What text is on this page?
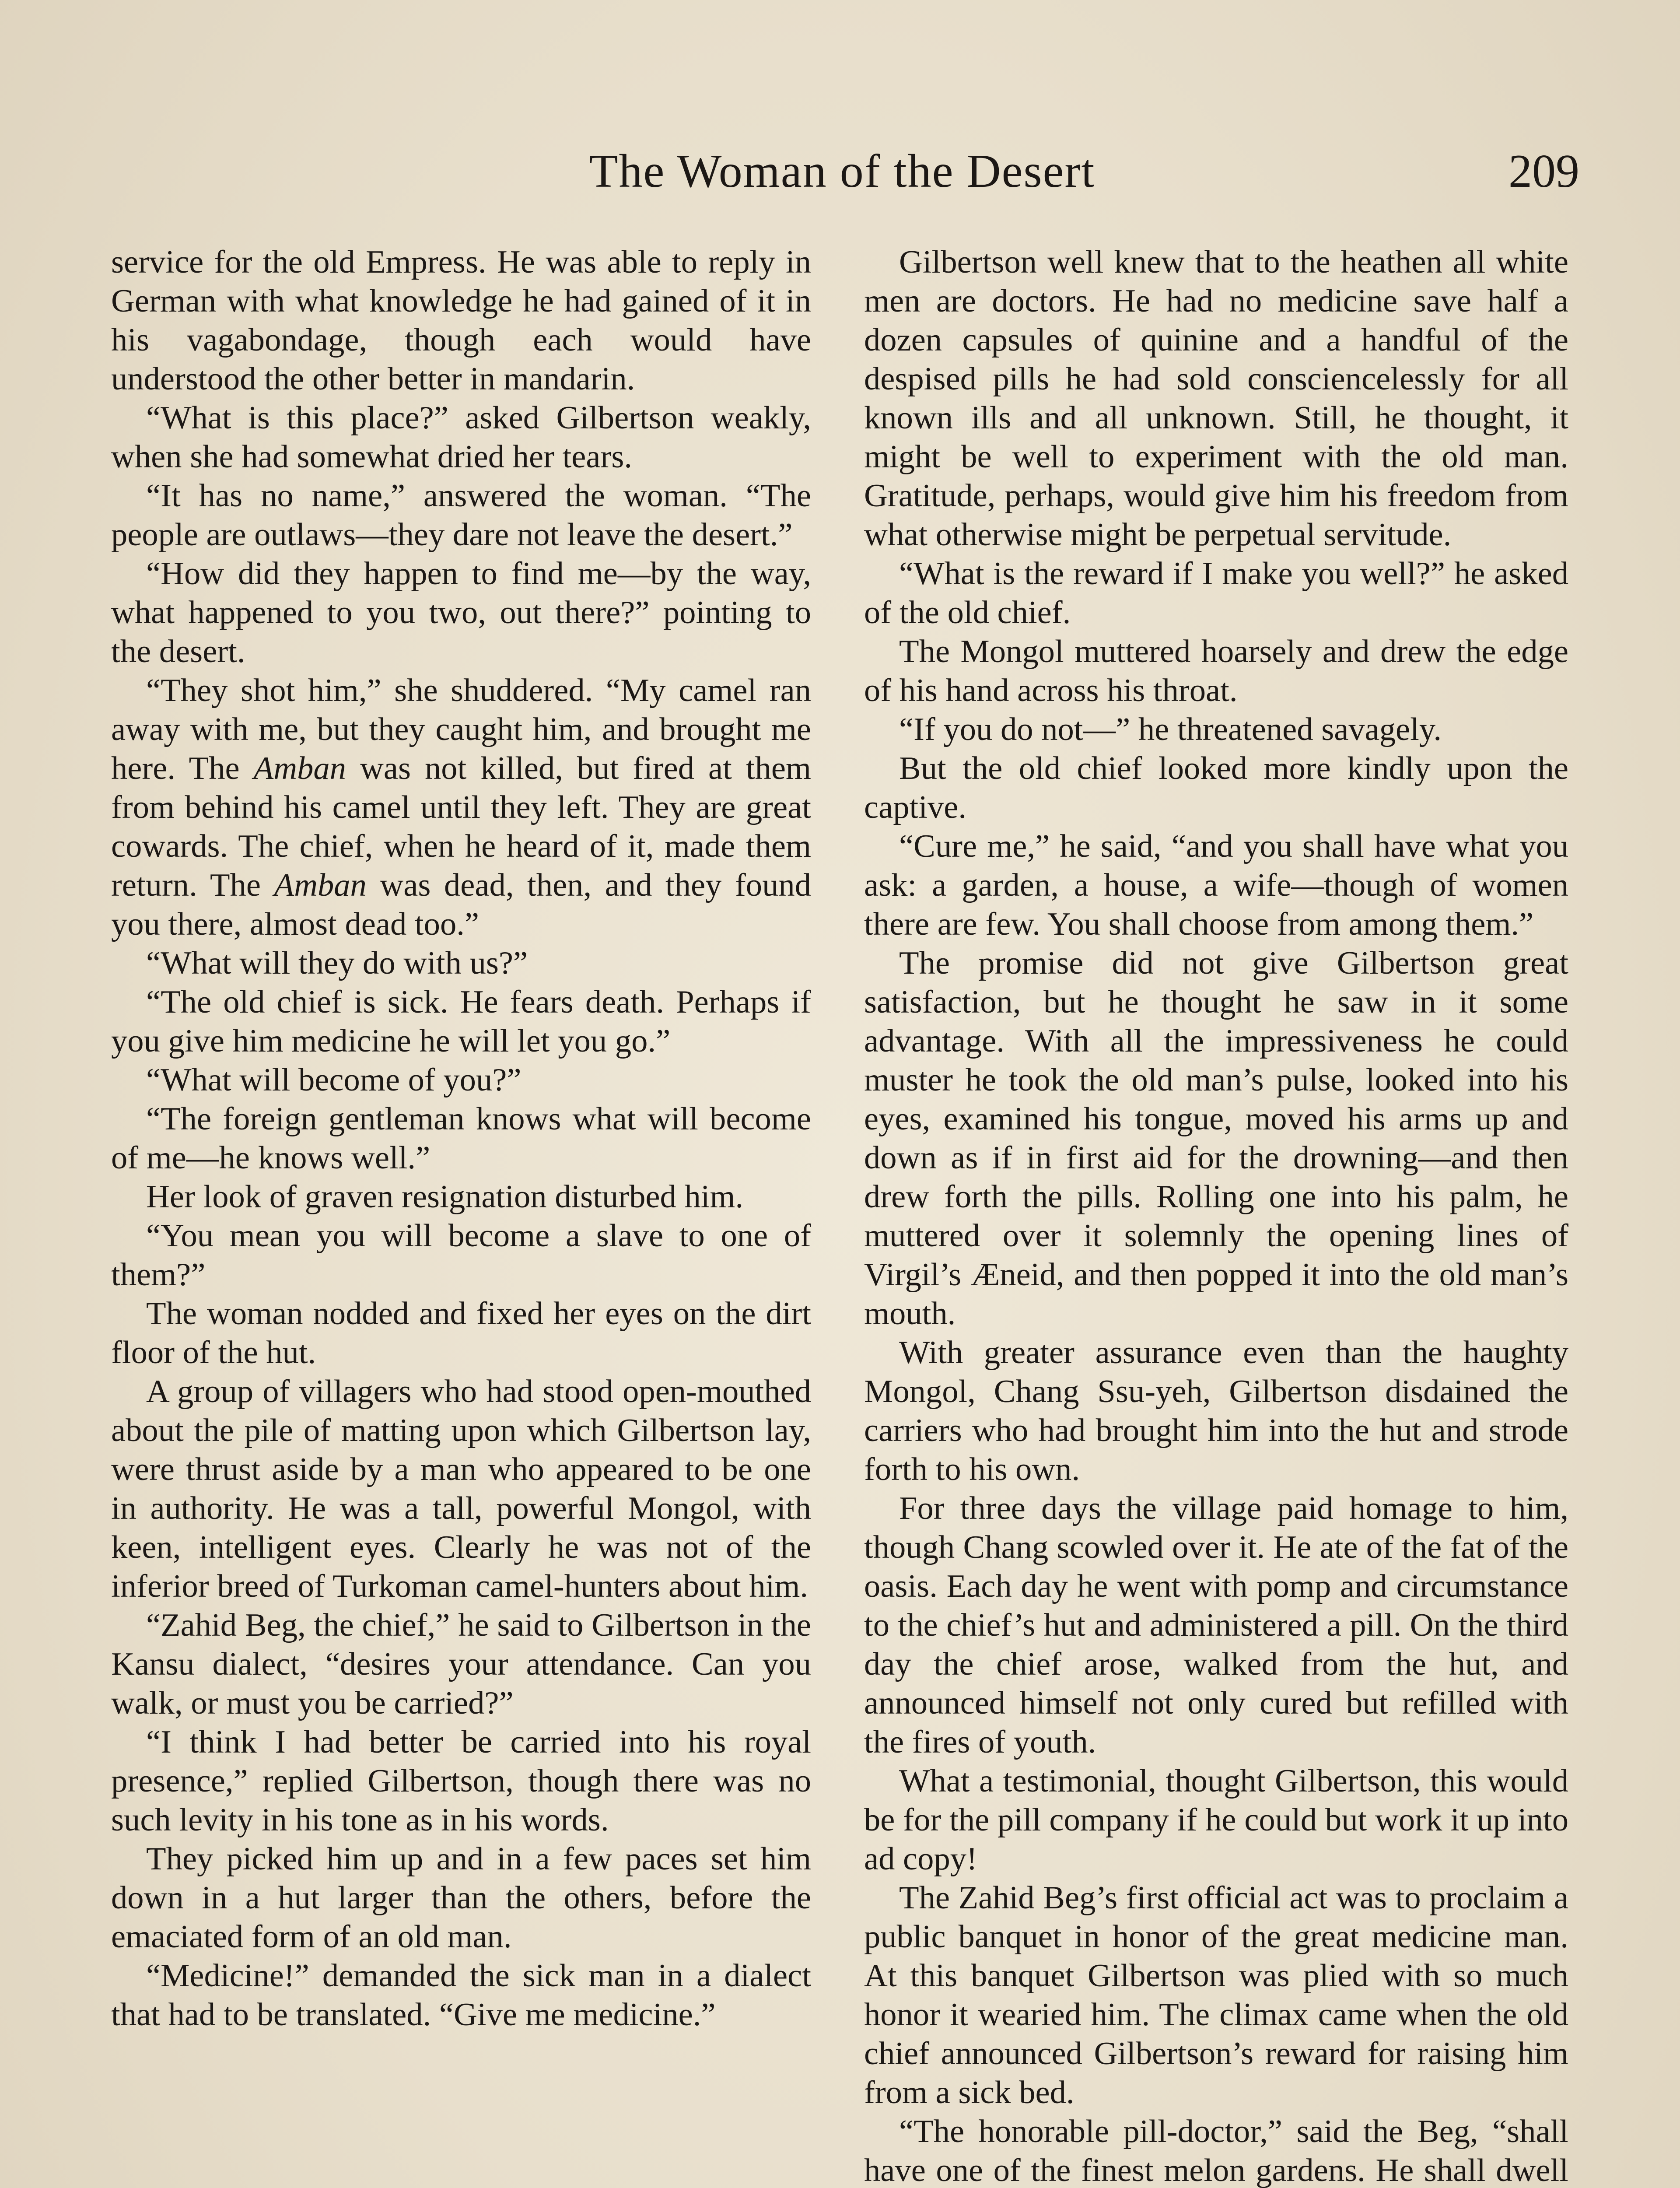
The Woman of the Desert	209

service for the old Empress. He was able to reply in German with what knowledge he had gained of it in his vagabondage, though each would have understood the other better in mandarin.

“What is this place?” asked Gilbertson weakly, when she had somewhat dried her tears.

“It has no name,” answered the woman. “The people are outlaws—they dare not leave the desert.”

“How did they happen to find me—by the way, what happened to you two, out there?” pointing to the desert.

“They shot him,” she shuddered. “My camel ran away with me, but they caught him, and brought me here. The Amban was not killed, but fired at them from behind his camel until they left. They are great cowards. The chief, when he heard of it, made them return. The Amban was dead, then, and they found you there, almost dead too.”

“What will they do with us?”

“The old chief is sick. He fears death. Perhaps if you give him medicine he will let you go.”

“What will become of you?”

“The foreign gentleman knows what will become of me—he knows well.”

Her look of graven resignation disturbed him.

“You mean you will become a slave to one of them?”

The woman nodded and fixed her eyes on the dirt floor of the hut.

A group of villagers who had stood open-mouthed about the pile of matting upon which Gilbertson lay, were thrust aside by a man who appeared to be one in authority. He was a tall, powerful Mongol, with keen, intelligent eyes. Clearly he was not of the inferior breed of Turkoman camel-hunters about him.

“Zahid Beg, the chief,” he said to Gilbertson in the Kansu dialect, “desires your attendance. Can you walk, or must you be carried?”

“I think I had better be carried into his royal presence,” replied Gilbertson, though there was no such levity in his tone as in his words.

They picked him up and in a few paces set him down in a hut larger than the others, before the emaciated form of an old man.

“Medicine!” demanded the sick man in a dialect that had to be translated. “Give me medicine.”

Gilbertson well knew that to the heathen all white men are doctors. He had no medicine save half a dozen capsules of quinine and a handful of the despised pills he had sold consciencelessly for all known ills and all unknown. Still, he thought, it might be well to experiment with the old man. Gratitude, perhaps, would give him his freedom from what otherwise might be perpetual servitude.

“What is the reward if I make you well?” he asked of the old chief.

The Mongol muttered hoarsely and drew the edge of his hand across his throat.

“If you do not—” he threatened savagely.

But the old chief looked more kindly upon the captive.

“Cure me,” he said, “and you shall have what you ask: a garden, a house, a wife—though of women there are few. You shall choose from among them.”

The promise did not give Gilbertson great satisfaction, but he thought he saw in it some advantage. With all the impressiveness he could muster he took the old man’s pulse, looked into his eyes, examined his tongue, moved his arms up and down as if in first aid for the drowning—and then drew forth the pills. Rolling one into his palm, he muttered over it solemnly the opening lines of Virgil’s Æneid, and then popped it into the old man’s mouth.

With greater assurance even than the haughty Mongol, Chang Ssu-yeh, Gilbertson disdained the carriers who had brought him into the hut and strode forth to his own.

For three days the village paid homage to him, though Chang scowled over it. He ate of the fat of the oasis. Each day he went with pomp and circumstance to the chief’s hut and administered a pill. On the third day the chief arose, walked from the hut, and announced himself not only cured but refilled with the fires of youth.

What a testimonial, thought Gilbertson, this would be for the pill company if he could but work it up into ad copy!

The Zahid Beg’s first official act was to proclaim a public banquet in honor of the great medicine man. At this banquet Gilbertson was plied with so much honor it wearied him. The climax came when the old chief announced Gilbertson’s reward for raising him from a sick bed.

“The honorable pill-doctor,” said the Beg, “shall have one of the finest melon gardens. He shall dwell
